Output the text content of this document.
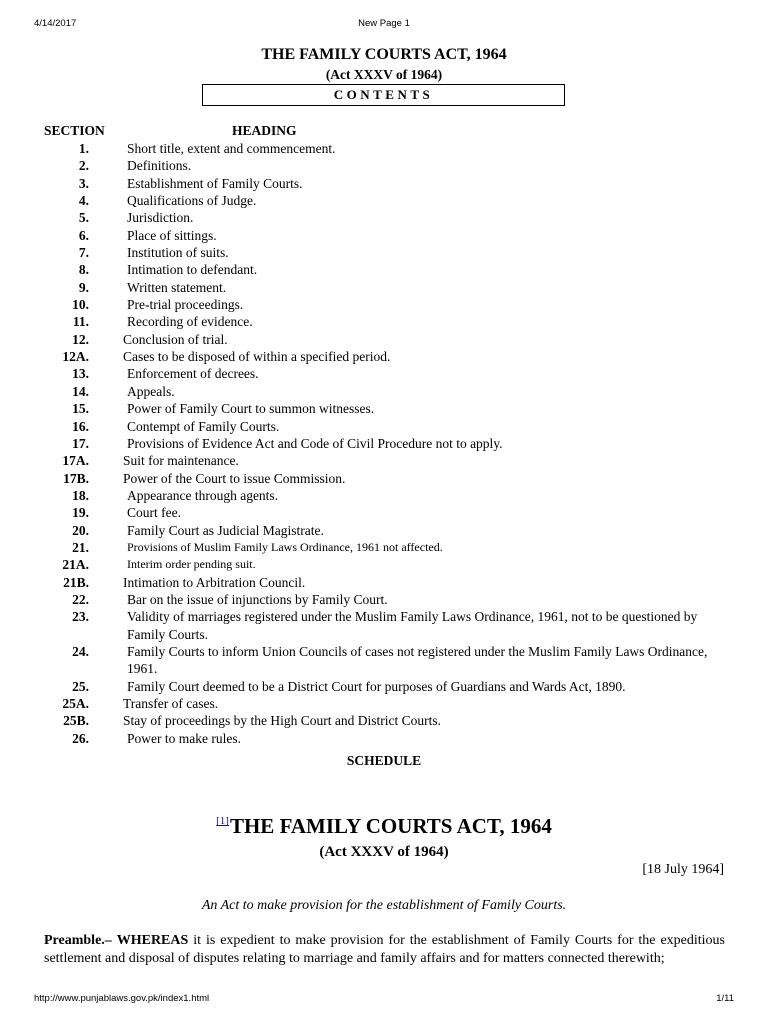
4/14/2017	New Page 1
THE FAMILY COURTS ACT, 1964
(Act XXXV of 1964)
CONTENTS
SECTION	HEADING
1.	Short title, extent and commencement.
2.	Definitions.
3.	Establishment of Family Courts.
4.	Qualifications of Judge.
5.	Jurisdiction.
6.	Place of sittings.
7.	Institution of suits.
8.	Intimation to defendant.
9.	Written statement.
10.	Pre-trial proceedings.
11.	Recording of evidence.
12.	Conclusion of trial.
12A.	Cases to be disposed of within a specified period.
13.	Enforcement of decrees.
14.	Appeals.
15.	Power of Family Court to summon witnesses.
16.	Contempt of Family Courts.
17.	Provisions of Evidence Act and Code of Civil Procedure not to apply.
17A.	Suit for maintenance.
17B.	Power of the Court to issue Commission.
18.	Appearance through agents.
19.	Court fee.
20.	Family Court as Judicial Magistrate.
21.	Provisions of Muslim Family Laws Ordinance, 1961 not affected.
21A.	Interim order pending suit.
21B.	Intimation to Arbitration Council.
22.	Bar on the issue of injunctions by Family Court.
23.	Validity of marriages registered under the Muslim Family Laws Ordinance, 1961, not to be questioned by Family Courts.
24.	Family Courts to inform Union Councils of cases not registered under the Muslim Family Laws Ordinance, 1961.
25.	Family Court deemed to be a District Court for purposes of Guardians and Wards Act, 1890.
25A.	Transfer of cases.
25B.	Stay of proceedings by the High Court and District Courts.
26.	Power to make rules.
SCHEDULE
[1]THE FAMILY COURTS ACT, 1964
(Act XXXV of 1964)
[18 July 1964]
An Act to make provision for the establishment of Family Courts.
Preamble.– WHEREAS it is expedient to make provision for the establishment of Family Courts for the expeditious settlement and disposal of disputes relating to marriage and family affairs and for matters connected therewith;
http://www.punjablaws.gov.pk/index1.html	1/11
